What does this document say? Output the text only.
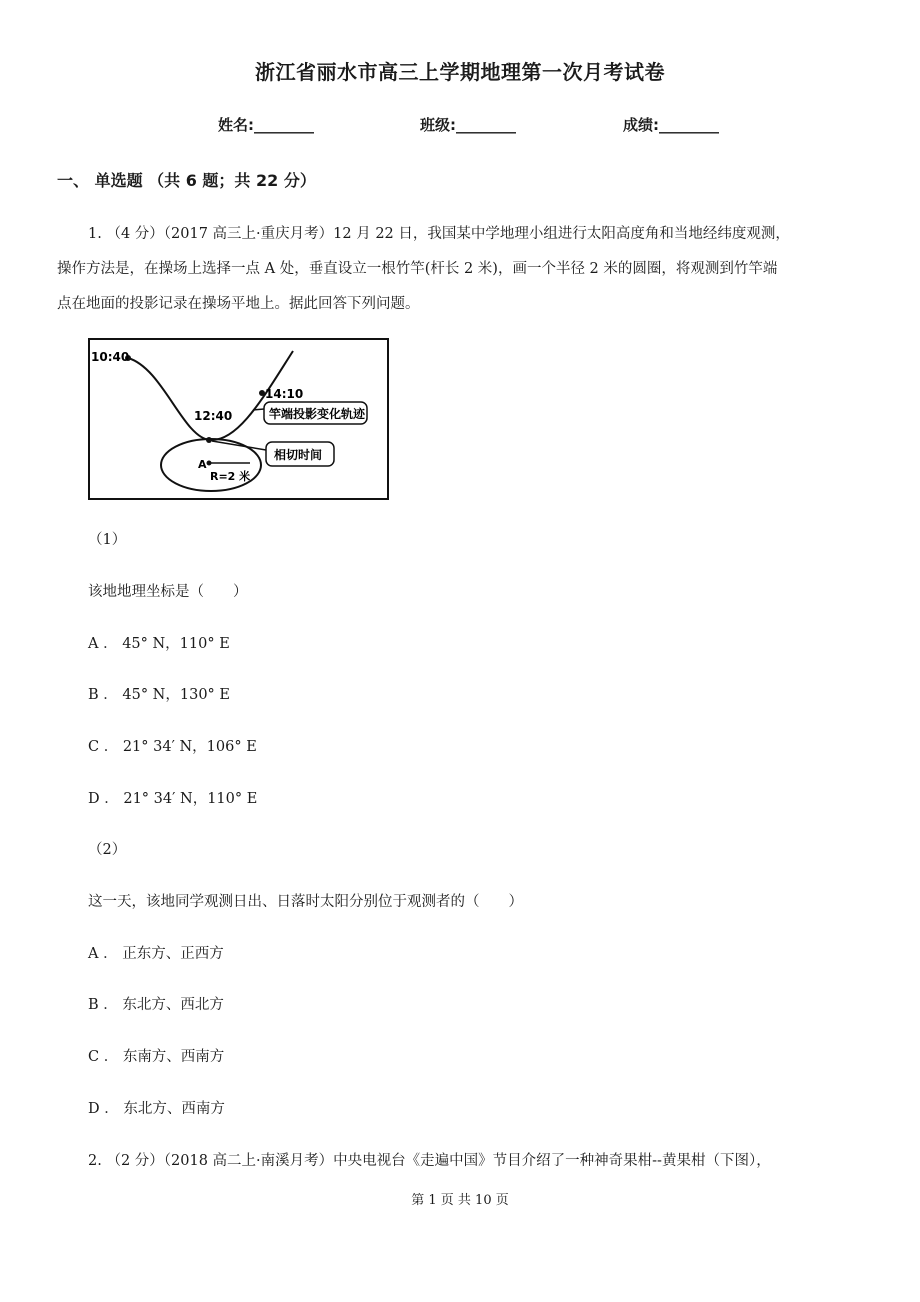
浙江省丽水市高三上学期地理第一次月考试卷
姓名:________	班级:________	成绩:________
一、 单选题 （共 6 题；共 22 分）
1. （4 分）（2017 高三上·重庆月考）12 月 22 日，我国某中学地理小组进行太阳高度角和当地经纬度观测，
操作方法是，在操场上选择一点 A 处，垂直设立一根竹竿(杆长 2 米)，画一个半径 2 米的圆圈，将观测到竹竿端
点在地面的投影记录在操场平地上。据此回答下列问题。
10:40
14:10
12:40	竿端投影变化轨迹
相切时间
A
R=2 米
（1）
该地地理坐标是（　　）
A ． 45° N，110° E
B ． 45° N，130° E
C ． 21° 34′ N，106° E
D ． 21° 34′ N，110° E
（2）
这一天，该地同学观测日出、日落时太阳分别位于观测者的（　　）
A ． 正东方、正西方
B ． 东北方、西北方
C ． 东南方、西南方
D ． 东北方、西南方
2. （2 分）（2018 高二上·南溪月考）中央电视台《走遍中国》节目介绍了一种神奇果柑--黄果柑（下图），
第 1 页 共 10 页
